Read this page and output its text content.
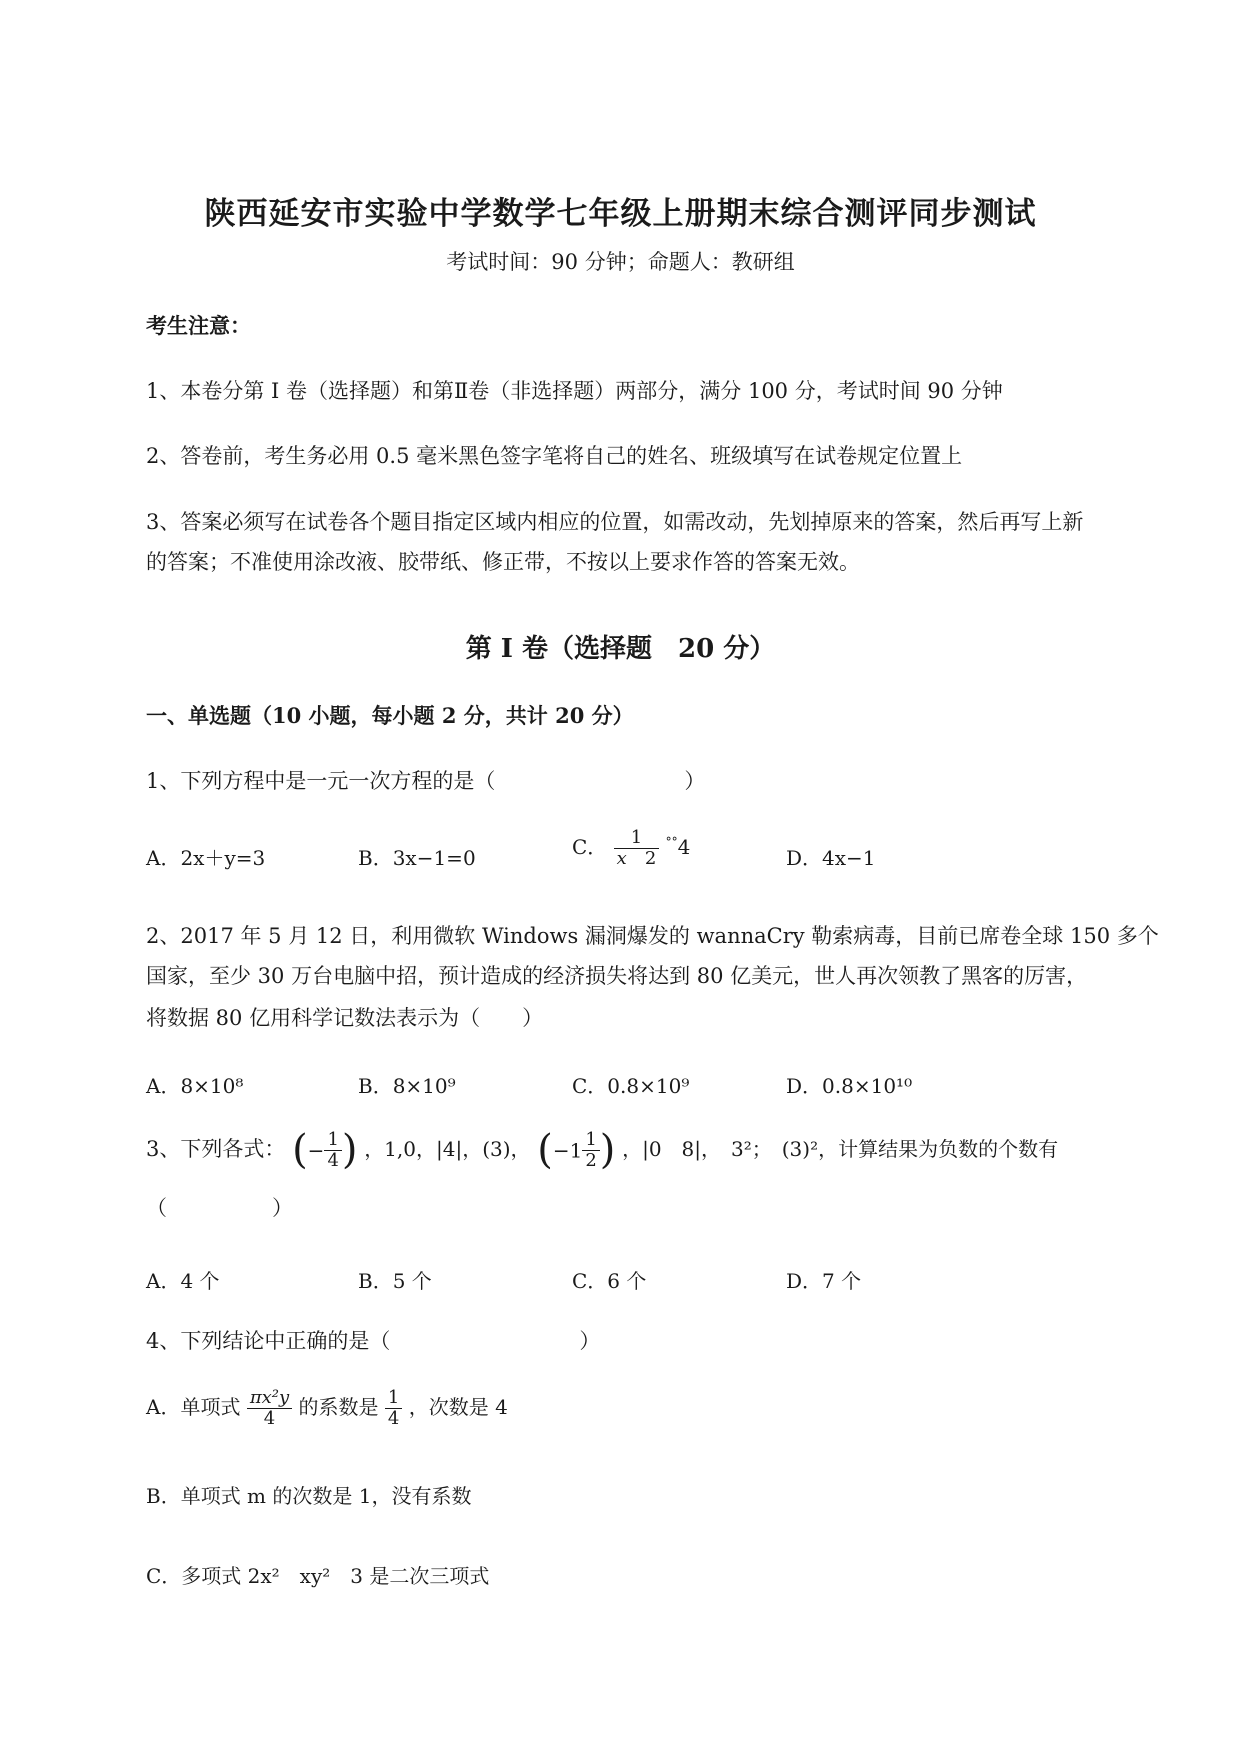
陕西延安市实验中学数学七年级上册期末综合测评同步测试
考试时间：90 分钟；命题人：教研组
考生注意：
1、本卷分第 I 卷（选择题）和第Ⅱ卷（非选择题）两部分，满分 100 分，考试时间 90 分钟
2、答卷前，考生务必用 0.5 毫米黑色签字笔将自己的姓名、班级填写在试卷规定位置上
3、答案必须写在试卷各个题目指定区域内相应的位置，如需改动，先划掉原来的答案，然后再写上新
的答案；不准使用涂改液、胶带纸、修正带，不按以上要求作答的答案无效。
第 I 卷（选择题　20 分）
一、单选题（10 小题，每小题 2 分，共计 20 分）
1、下列方程中是一元一次方程的是（　　　　　　　　　）
A．2x＋y=3	B．3x−1=0	C． $\frac{1}{x 2} ^{^\circ^\circ}4$	D．4x−1
2、2017 年 5 月 12 日，利用微软 Windows 漏洞爆发的 wannaCry 勒索病毒，目前已席卷全球 150 多个
国家，至少 30 万台电脑中招，预计造成的经济损失将达到 80 亿美元，世人再次领教了黑客的厉害，
将数据 80 亿用科学记数法表示为（　　）
A．8×10⁸	B．8×10⁹	C．0.8×10⁹	D．0.8×10¹⁰
3、下列各式： (− $\frac{1}{4}$ ) ，1,0，|4|，(3)， ($-1 \frac{1}{2}$ ) ，|0　8|，　3²；　(3)²，计算结果为负数的个数有
（　　　　　）
A．4 个	B．5 个	C．6 个	D．7 个
4、下列结论中正确的是（　　　　　　　　　）
A．单项式 $\frac{\text{πx²y}}{4}$ 的系数是 $\frac{1}{4}$ ，次数是 4
B．单项式 m 的次数是 1，没有系数
C．多项式 2x²　xy²　3 是二次三项式
